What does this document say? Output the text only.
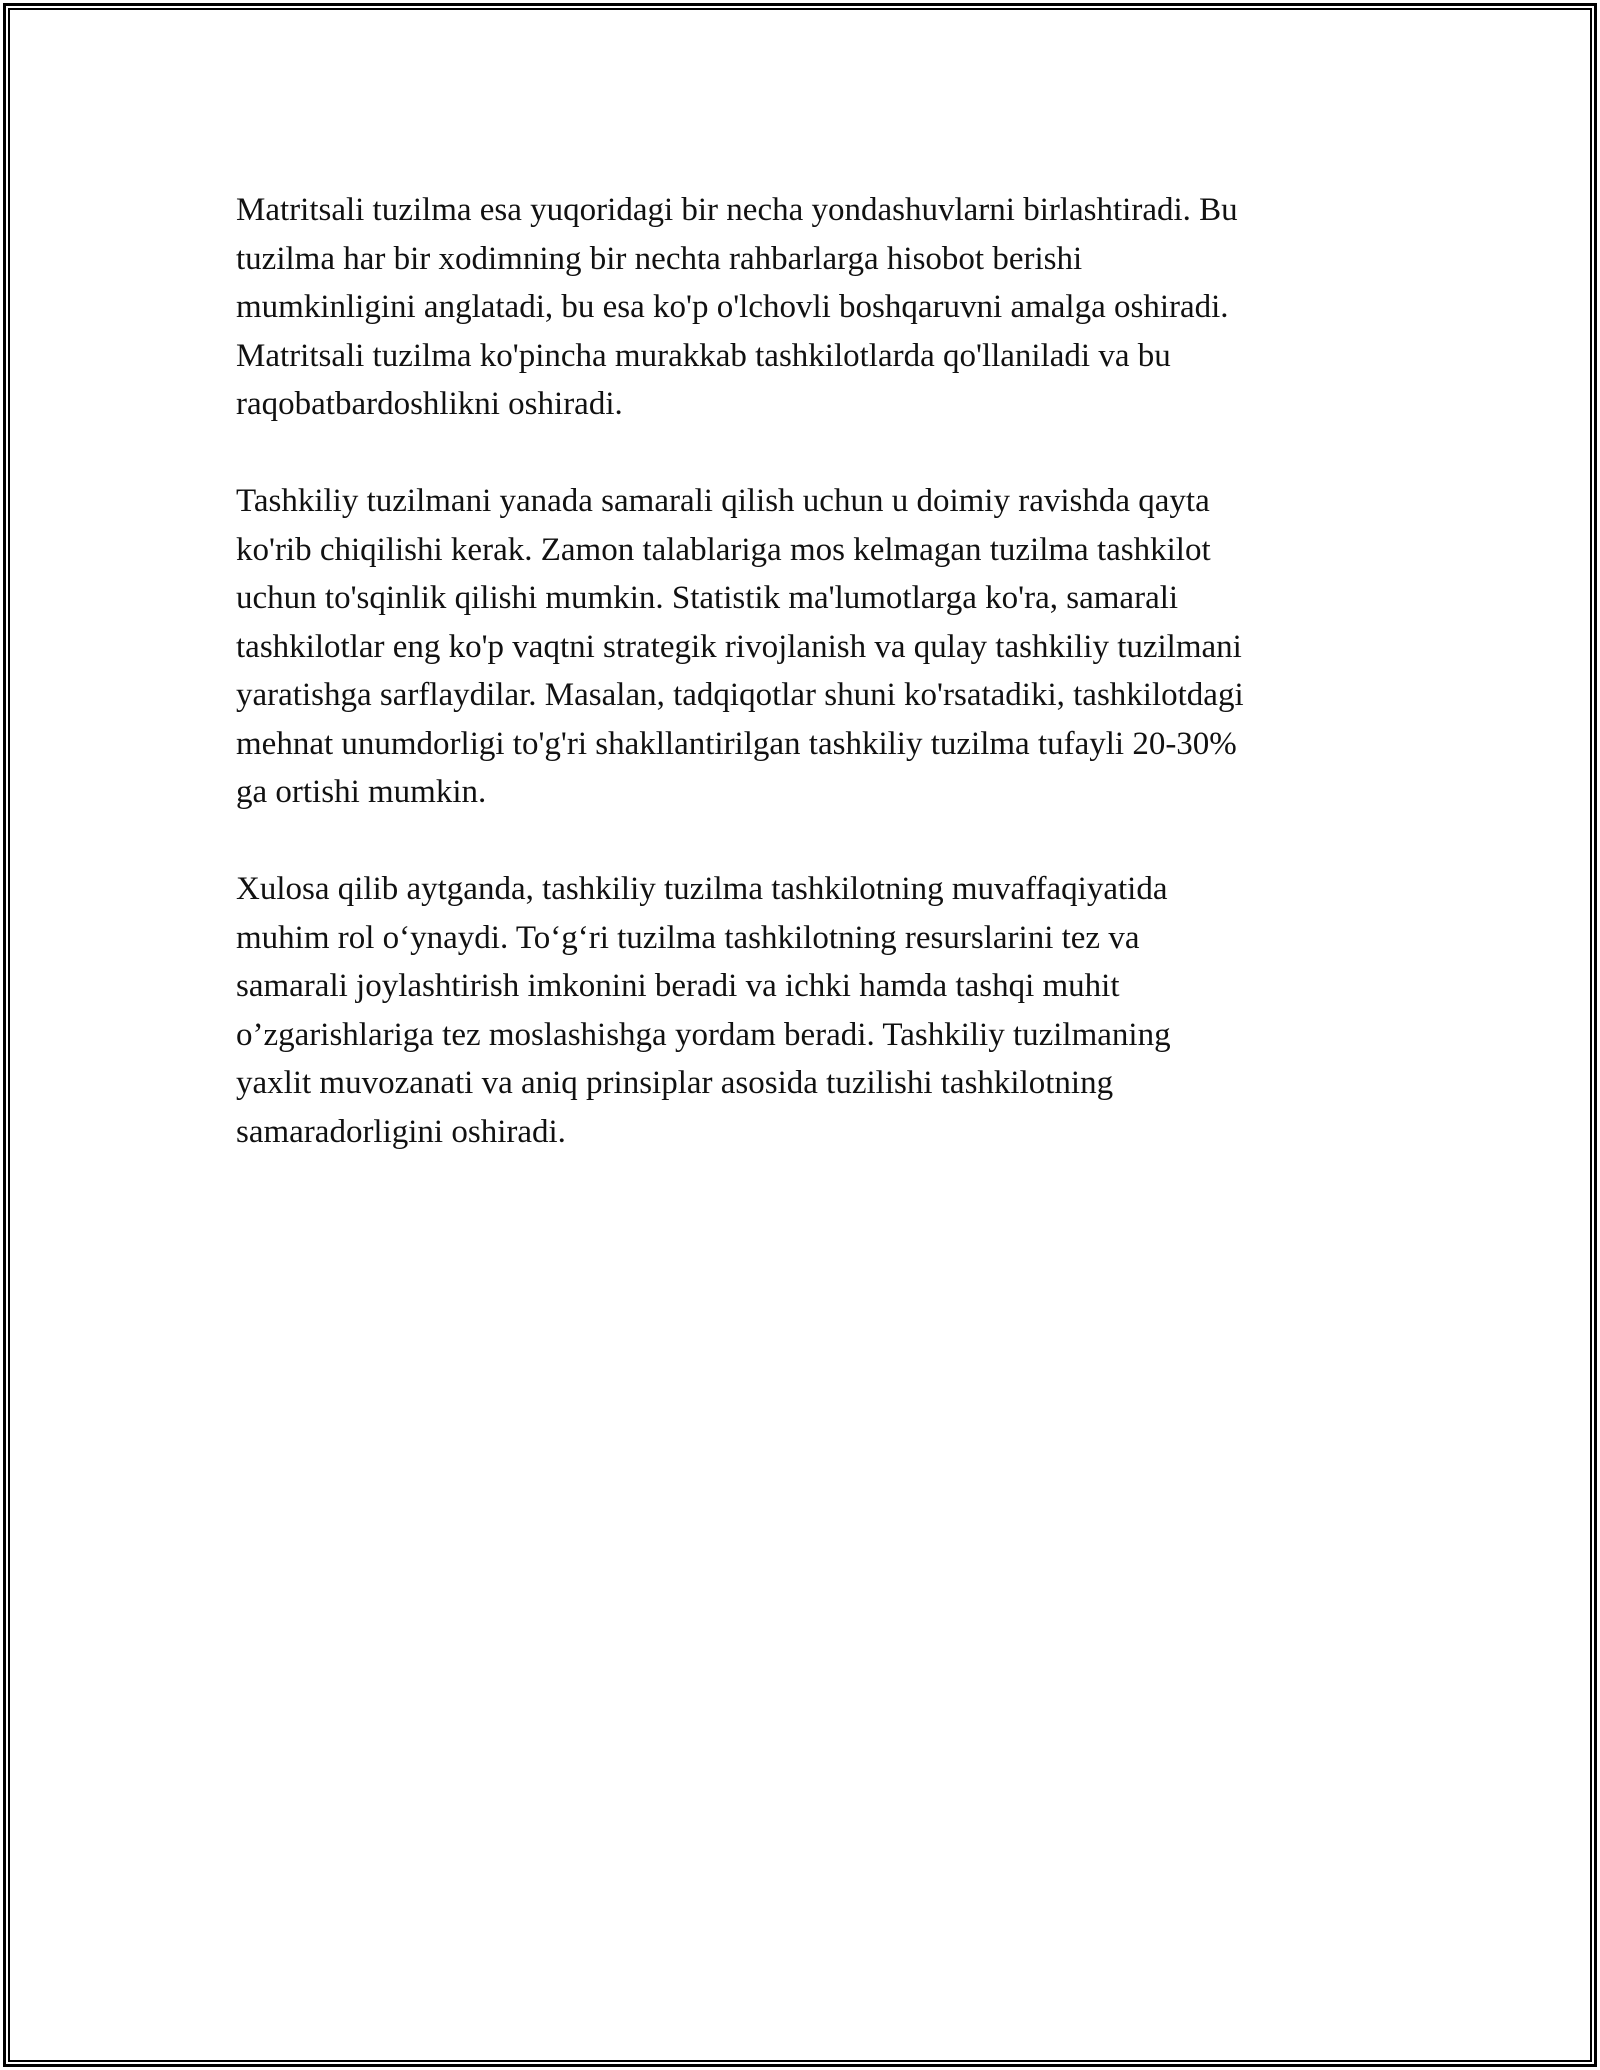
Matritsali tuzilma esa yuqoridagi bir necha yondashuvlarni birlashtiradi. Bu

tuzilma har bir xodimning bir nechta rahbarlarga hisobot berishi

mumkinligini anglatadi, bu esa ko'p o'lchovli boshqaruvni amalga oshiradi.

Matritsali tuzilma ko'pincha murakkab tashkilotlarda qo'llaniladi va bu

raqobatbardoshlikni oshiradi.

Tashkiliy tuzilmani yanada samarali qilish uchun u doimiy ravishda qayta

ko'rib chiqilishi kerak. Zamon talablariga mos kelmagan tuzilma tashkilot

uchun to'sqinlik qilishi mumkin. Statistik ma'lumotlarga ko'ra, samarali

tashkilotlar eng ko'p vaqtni strategik rivojlanish va qulay tashkiliy tuzilmani

yaratishga sarflaydilar. Masalan, tadqiqotlar shuni ko'rsatadiki, tashkilotdagi

mehnat unumdorligi to'g'ri shakllantirilgan tashkiliy tuzilma tufayli 20-30%

ga ortishi mumkin.

Xulosa qilib aytganda, tashkiliy tuzilma tashkilotning muvaffaqiyatida

muhim rol o‘ynaydi. To‘g‘ri tuzilma tashkilotning resurslarini tez va

samarali joylashtirish imkonini beradi va ichki hamda tashqi muhit

o’zgarishlariga tez moslashishga yordam beradi. Tashkiliy tuzilmaning

yaxlit muvozanati va aniq prinsiplar asosida tuzilishi tashkilotning

samaradorligini oshiradi.
